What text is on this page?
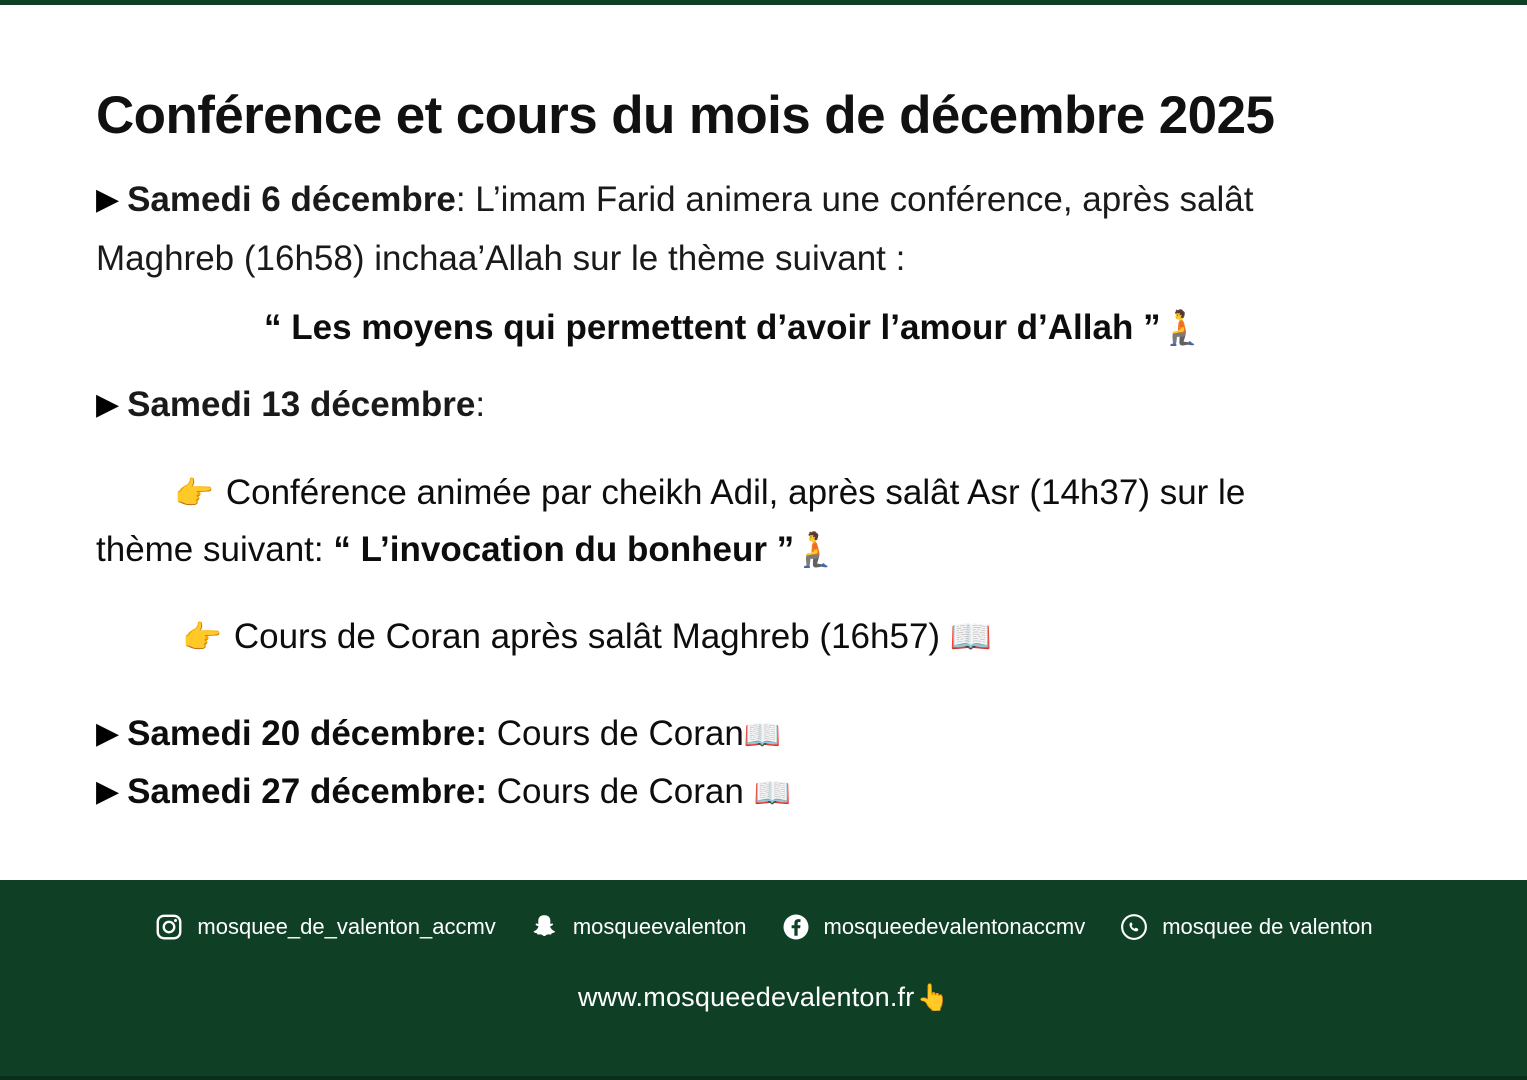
Conférence et cours du mois de décembre 2025
▶ Samedi 6 décembre: L’imam Farid animera une conférence, après salât
Maghreb (16h58) inchaa’Allah sur le thème suivant :
“ Les moyens qui permettent d’avoir l’amour d’Allah ”🧎
▶ Samedi 13 décembre:
👉 Conférence animée par cheikh Adil, après salât Asr (14h37) sur le
thème suivant: “ L’invocation du bonheur ”🧎
👉 Cours de Coran après salât Maghreb (16h57) 📖
▶ Samedi 20 décembre: Cours de Coran📖
▶ Samedi 27 décembre: Cours de Coran 📖
mosquee_de_valenton_accmv	mosqueevalenton	mosqueedevalentonaccmv	mosquee de valenton
www.mosqueedevalenton.fr👆
